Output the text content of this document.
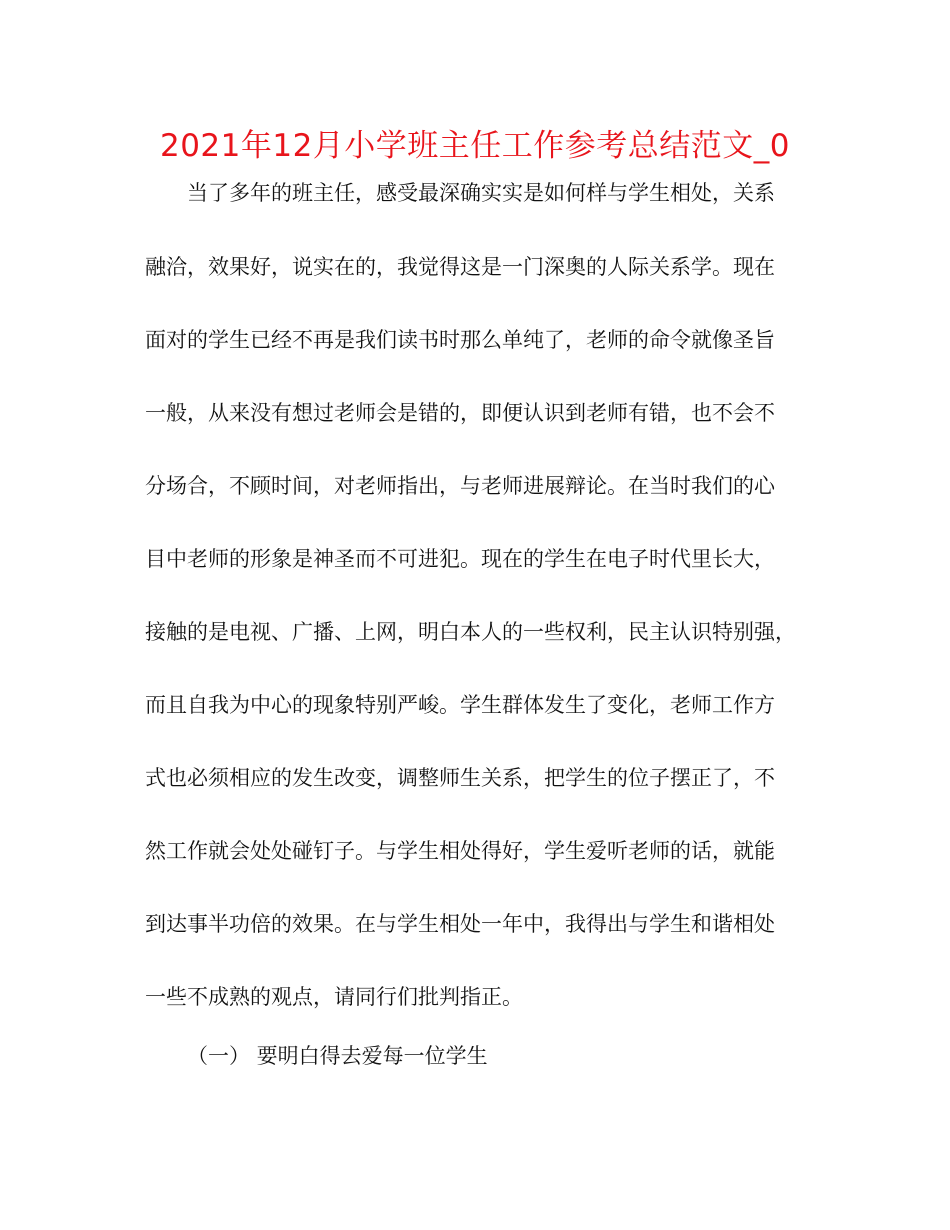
2021年12月小学班主任工作参考总结范文_0

当了多年的班主任，感受最深确实实是如何样与学生相处，关系

融洽，效果好，说实在的，我觉得这是一门深奥的人际关系学。现在

面对的学生已经不再是我们读书时那么单纯了，老师的命令就像圣旨

一般，从来没有想过老师会是错的，即便认识到老师有错，也不会不

分场合，不顾时间，对老师指出，与老师进展辩论。在当时我们的心

目中老师的形象是神圣而不可进犯。现在的学生在电子时代里长大，

接触的是电视、广播、上网，明白本人的一些权利，民主认识特别强，

而且自我为中心的现象特别严峻。学生群体发生了变化，老师工作方

式也必须相应的发生改变，调整师生关系，把学生的位子摆正了，不

然工作就会处处碰钉子。与学生相处得好，学生爱听老师的话，就能

到达事半功倍的效果。在与学生相处一年中，我得出与学生和谐相处

一些不成熟的观点，请同行们批判指正。

（一） 要明白得去爱每一位学生
